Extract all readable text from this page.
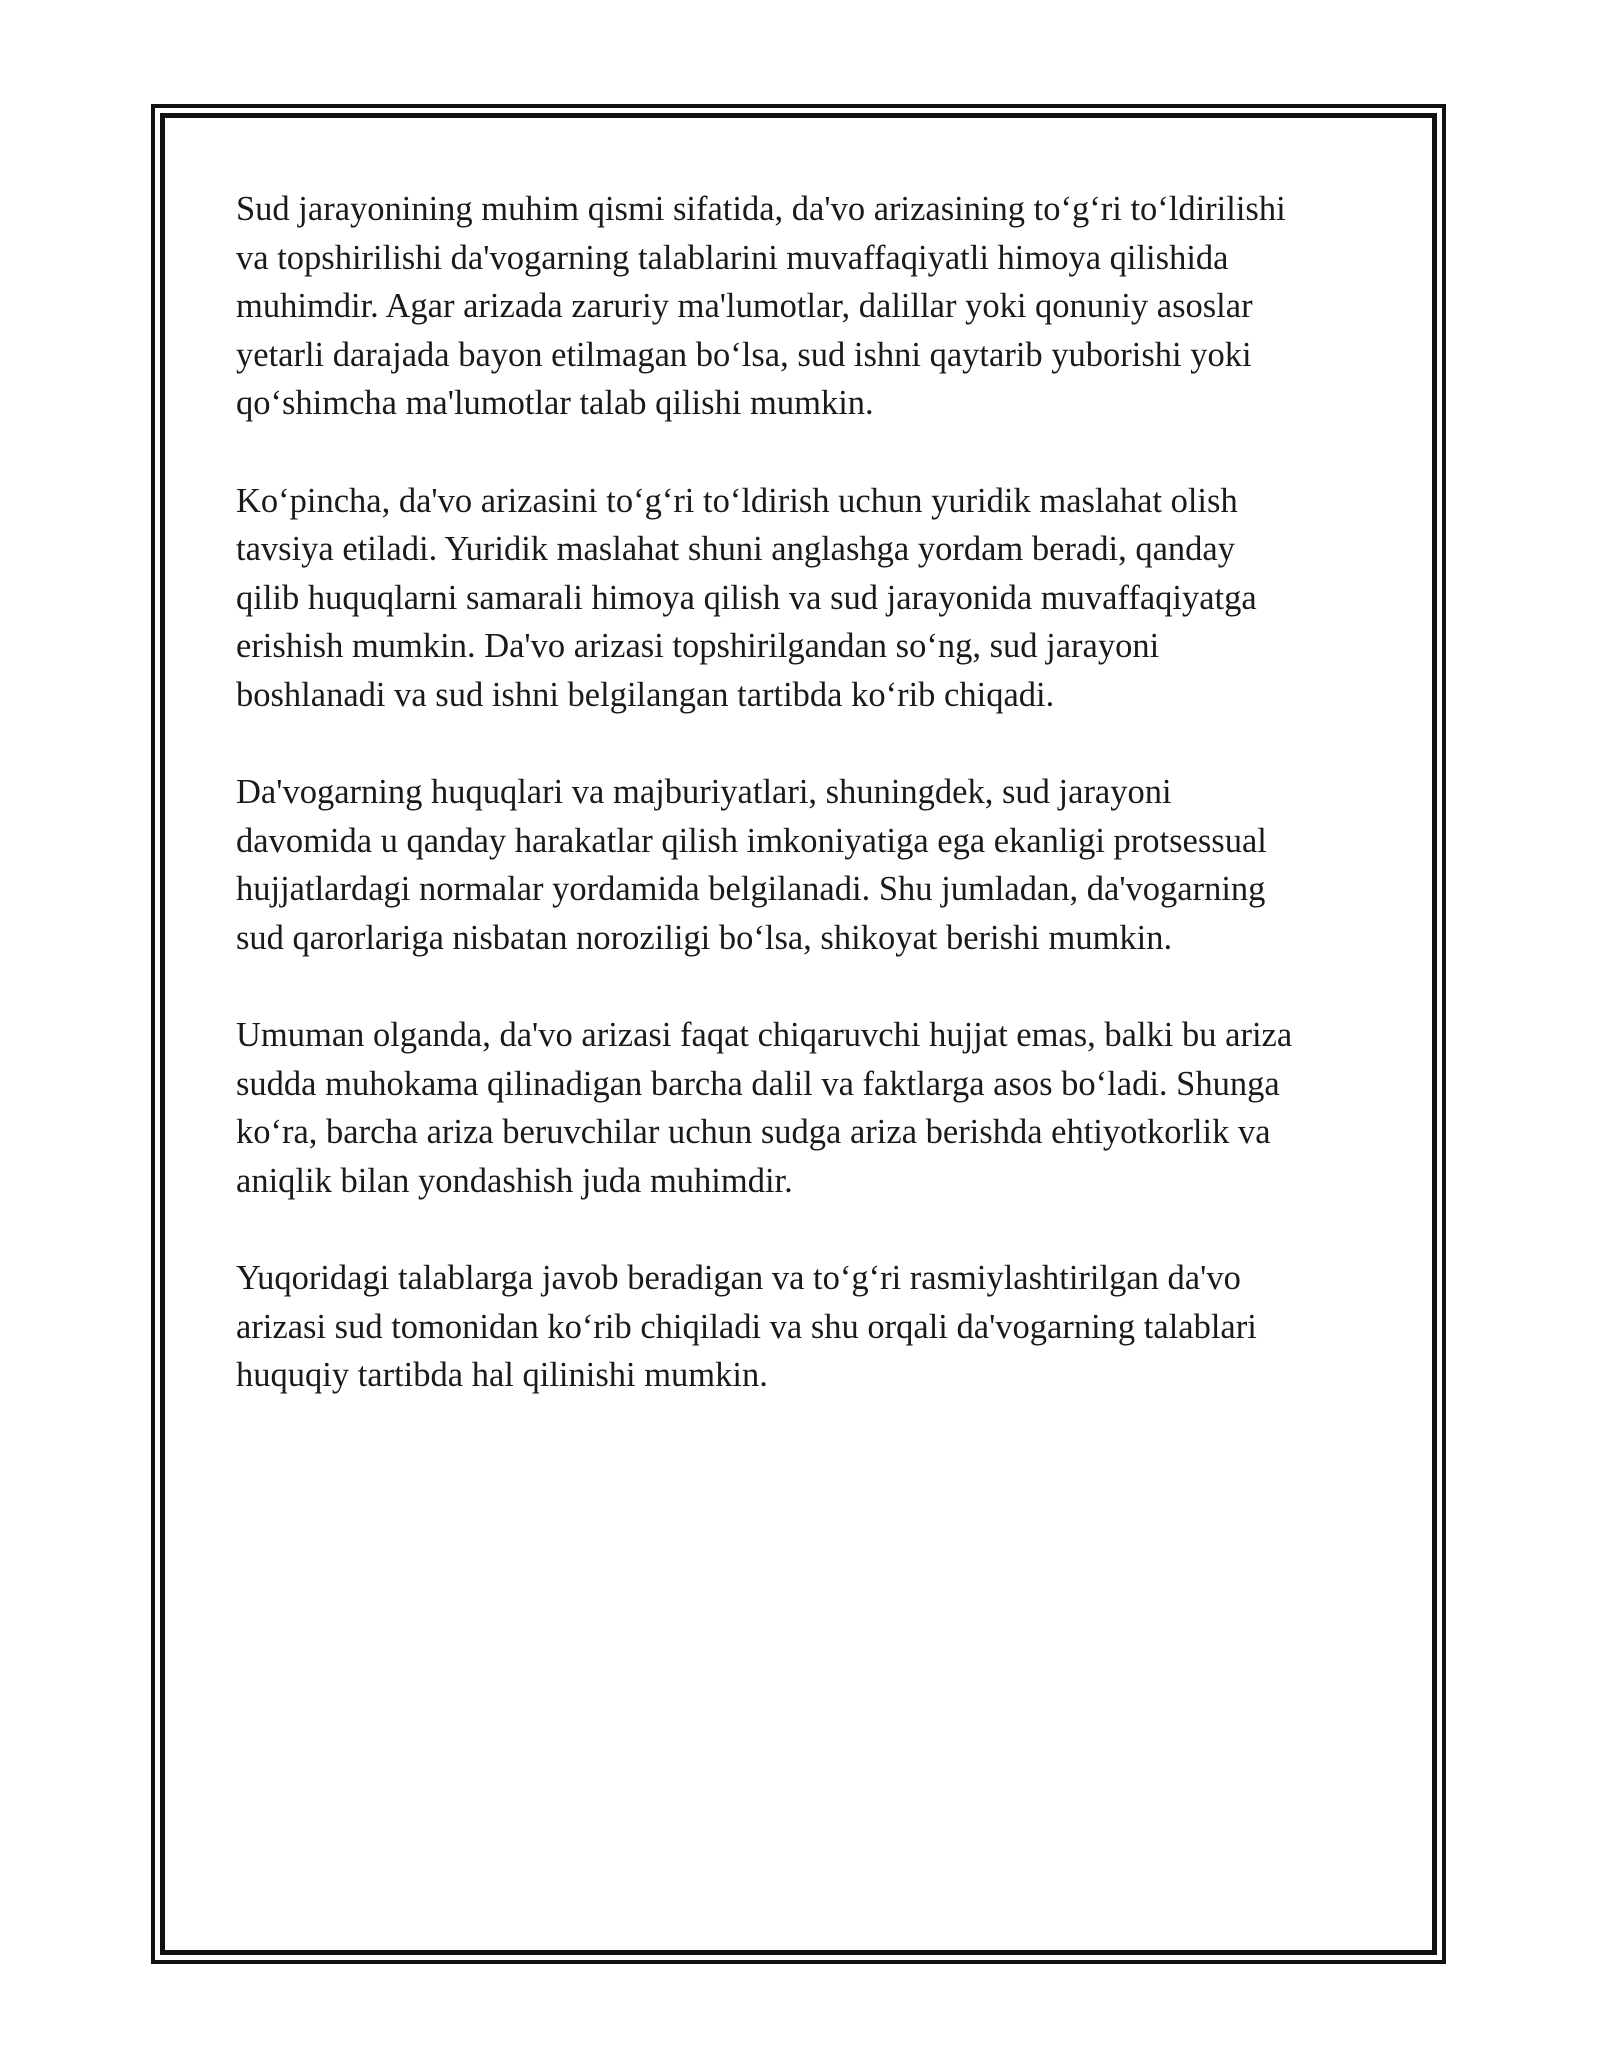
Sud jarayonining muhim qismi sifatida, da'vo arizasining to‘g‘ri to‘ldirilishi
va topshirilishi da'vogarning talablarini muvaffaqiyatli himoya qilishida
muhimdir. Agar arizada zaruriy ma'lumotlar, dalillar yoki qonuniy asoslar
yetarli darajada bayon etilmagan bo‘lsa, sud ishni qaytarib yuborishi yoki
qo‘shimcha ma'lumotlar talab qilishi mumkin.

Ko‘pincha, da'vo arizasini to‘g‘ri to‘ldirish uchun yuridik maslahat olish
tavsiya etiladi. Yuridik maslahat shuni anglashga yordam beradi, qanday
qilib huquqlarni samarali himoya qilish va sud jarayonida muvaffaqiyatga
erishish mumkin. Da'vo arizasi topshirilgandan so‘ng, sud jarayoni
boshlanadi va sud ishni belgilangan tartibda ko‘rib chiqadi.

Da'vogarning huquqlari va majburiyatlari, shuningdek, sud jarayoni
davomida u qanday harakatlar qilish imkoniyatiga ega ekanligi protsessual
hujjatlardagi normalar yordamida belgilanadi. Shu jumladan, da'vogarning
sud qarorlariga nisbatan noroziligi bo‘lsa, shikoyat berishi mumkin.

Umuman olganda, da'vo arizasi faqat chiqaruvchi hujjat emas, balki bu ariza
sudda muhokama qilinadigan barcha dalil va faktlarga asos bo‘ladi. Shunga
ko‘ra, barcha ariza beruvchilar uchun sudga ariza berishda ehtiyotkorlik va
aniqlik bilan yondashish juda muhimdir.

Yuqoridagi talablarga javob beradigan va to‘g‘ri rasmiylashtirilgan da'vo
arizasi sud tomonidan ko‘rib chiqiladi va shu orqali da'vogarning talablari
huquqiy tartibda hal qilinishi mumkin.
